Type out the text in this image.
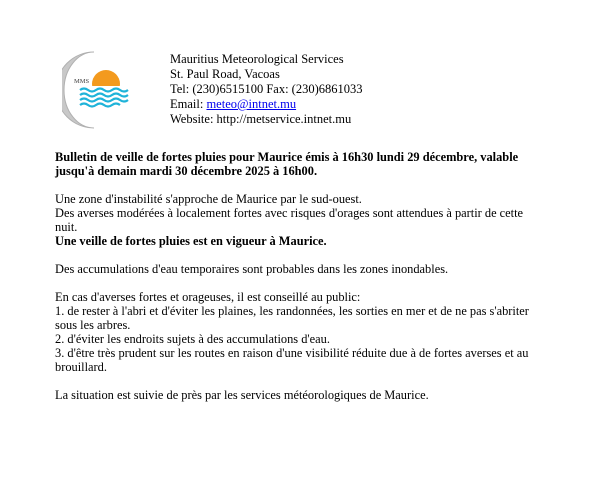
MMS
Mauritius Meteorological Services
St. Paul Road, Vacoas
Tel: (230)6515100 Fax: (230)6861033
Email: meteo@intnet.mu
Website: http://metservice.intnet.mu

Bulletin de veille de fortes pluies pour Maurice émis à 16h30 lundi 29 décembre, valable jusqu'à demain mardi 30 décembre 2025 à 16h00.

Une zone d'instabilité s'approche de Maurice par le sud-ouest.

Des averses modérées à localement fortes avec risques d'orages sont attendues à partir de cette nuit.

Une veille de fortes pluies est en vigueur à Maurice.

Des accumulations d'eau temporaires sont probables dans les zones inondables.

En cas d'averses fortes et orageuses, il est conseillé au public:

1. de rester à l'abri et d'éviter les plaines, les randonnées, les sorties en mer et de ne pas s'abriter sous les arbres.

2. d'éviter les endroits sujets à des accumulations d'eau.

3. d'être très prudent sur les routes en raison d'une visibilité réduite due à de fortes averses et au brouillard.

La situation est suivie de près par les services météorologiques de Maurice.
